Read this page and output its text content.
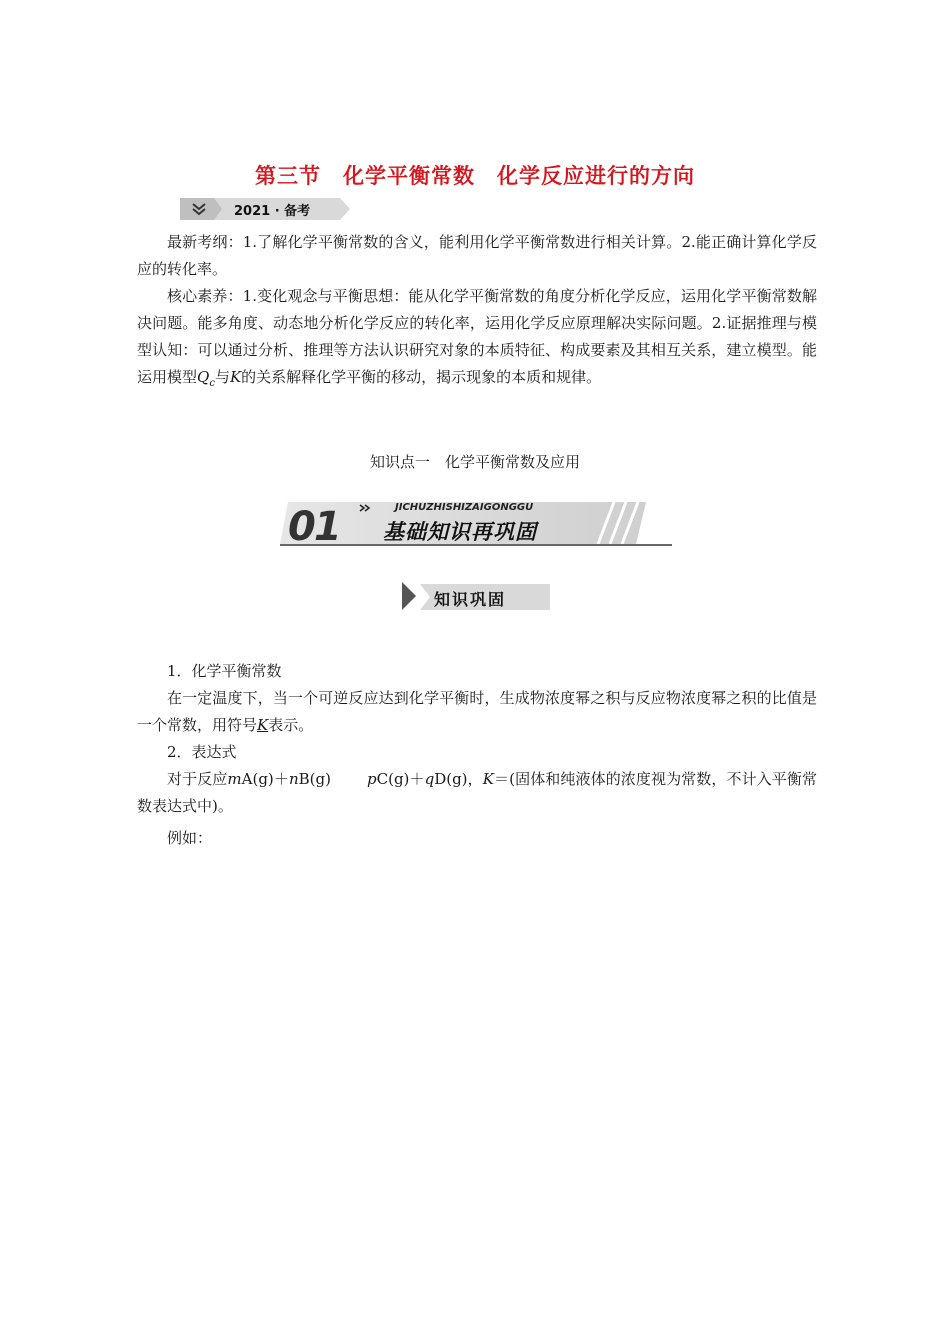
第三节　化学平衡常数　化学反应进行的方向
2021 · 备考

最新考纲：1.了解化学平衡常数的含义，能利用化学平衡常数进行相关计算。2.能正确计算化学反应的转化率。

核心素养：1.变化观念与平衡思想：能从化学平衡常数的角度分析化学反应，运用化学平衡常数解决问题。能多角度、动态地分析化学反应的转化率，运用化学反应原理解决实际问题。2.证据推理与模型认知：可以通过分析、推理等方法认识研究对象的本质特征、构成要素及其相互关系，建立模型。能运用模型$Q_c$与K的关系解释化学平衡的移动，揭示现象的本质和规律。

知识点一　化学平衡常数及应用
01	JICHUZHISHIZAIGONGGU
基础知识再巩固
知识巩固
1．化学平衡常数

在一定温度下，当一个可逆反应达到化学平衡时，生成物浓度幂之积与反应物浓度幂之积的比值是一个常数，用符号K表示。

2．表达式

对于反应mA(g)＋nB(g) pC(g)＋qD(g)，K＝(固体和纯液体的浓度视为常数，不计入平衡常数表达式中)。

例如：
